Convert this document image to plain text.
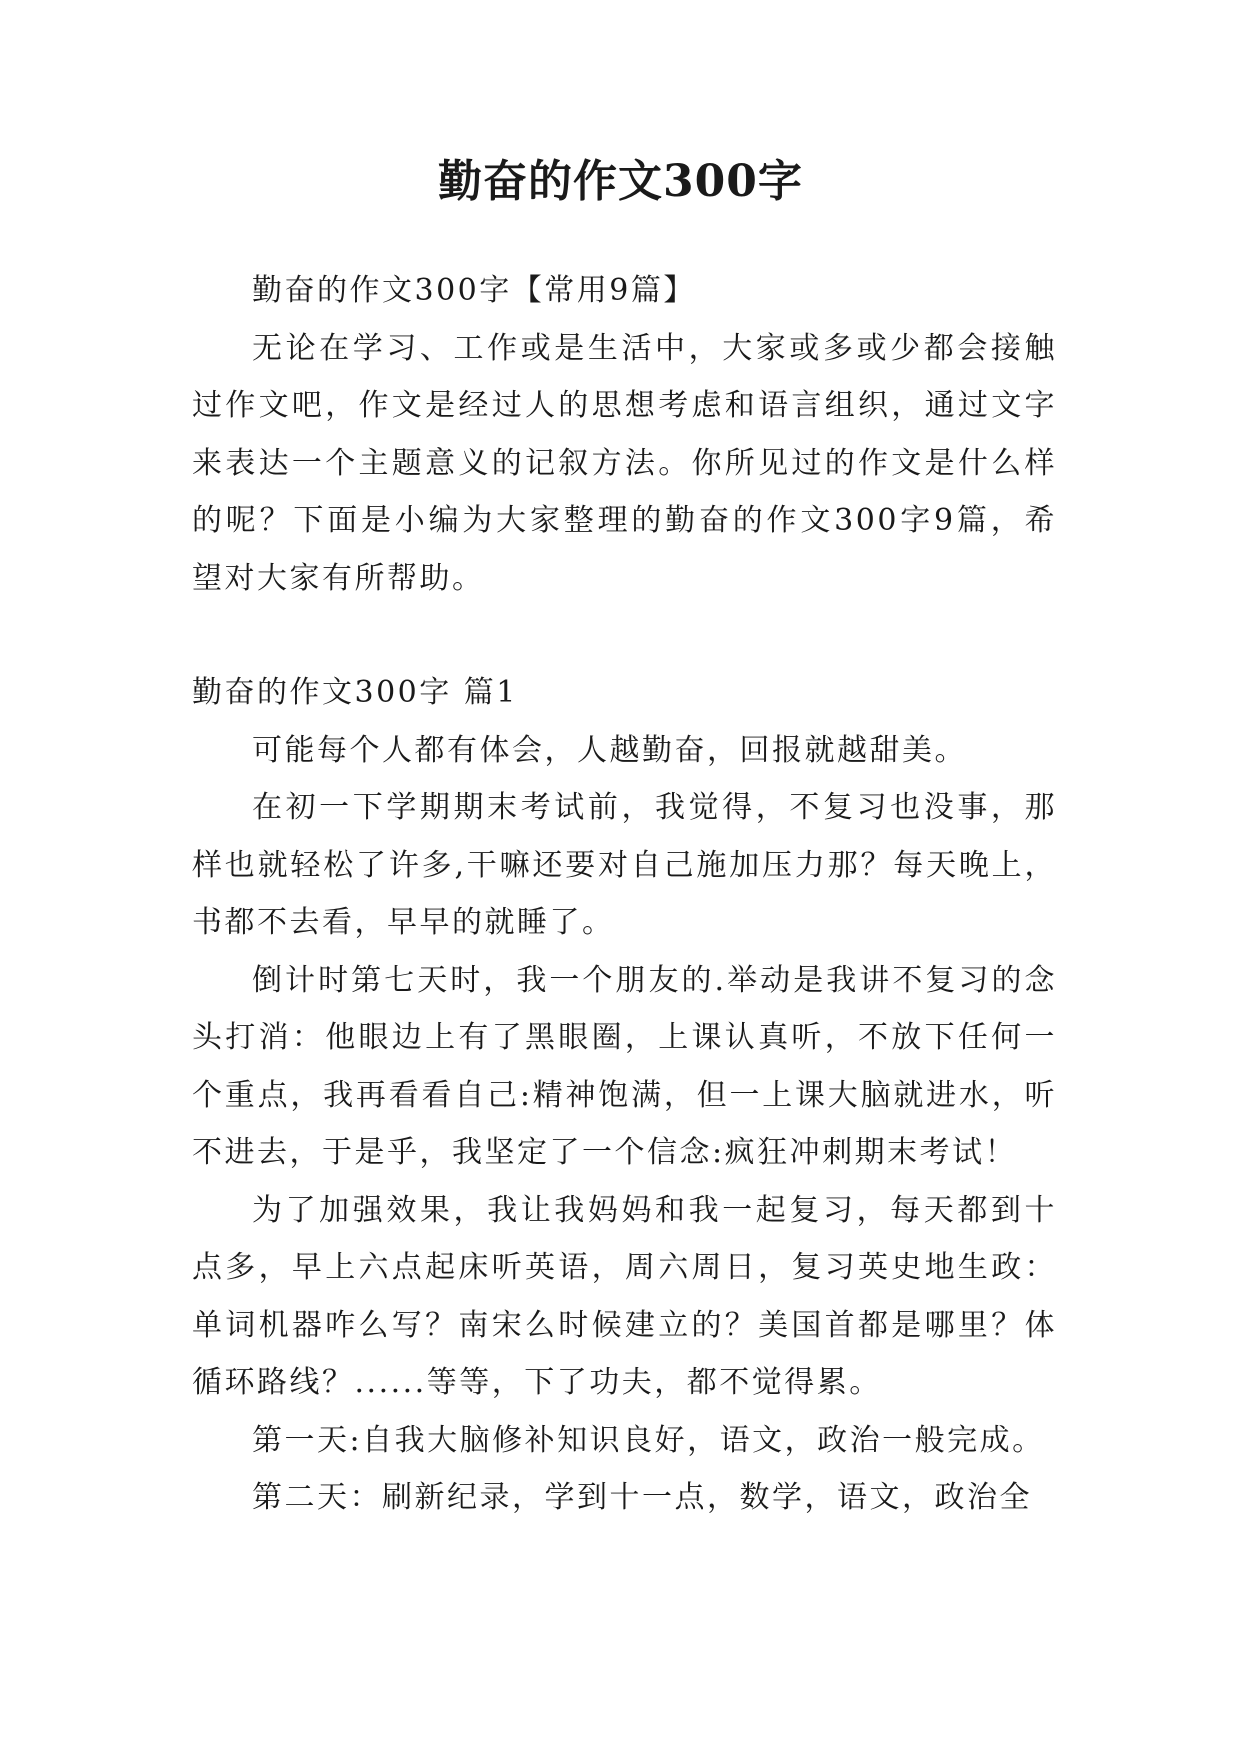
勤奋的作文300字

勤奋的作文300字【常用9篇】

无论在学习、工作或是生活中，大家或多或少都会接触过作文吧，作文是经过人的思想考虑和语言组织，通过文字来表达一个主题意义的记叙方法。你所见过的作文是什么样的呢？下面是小编为大家整理的勤奋的作文300字9篇，希望对大家有所帮助。

勤奋的作文300字 篇1

可能每个人都有体会，人越勤奋，回报就越甜美。

在初一下学期期末考试前，我觉得，不复习也没事，那样也就轻松了许多,干嘛还要对自己施加压力那？每天晚上，书都不去看，早早的就睡了。

倒计时第七天时，我一个朋友的.举动是我讲不复习的念头打消：他眼边上有了黑眼圈，上课认真听，不放下任何一个重点，我再看看自己:精神饱满，但一上课大脑就进水，听不进去，于是乎，我坚定了一个信念:疯狂冲刺期末考试！

为了加强效果，我让我妈妈和我一起复习，每天都到十点多，早上六点起床听英语，周六周日，复习英史地生政：单词机器咋么写？南宋么时候建立的？美国首都是哪里？体循环路线？......等等，下了功夫，都不觉得累。

第一天:自我大脑修补知识良好，语文，政治一般完成。

第二天：刷新纪录，学到十一点，数学，语文，政治全
